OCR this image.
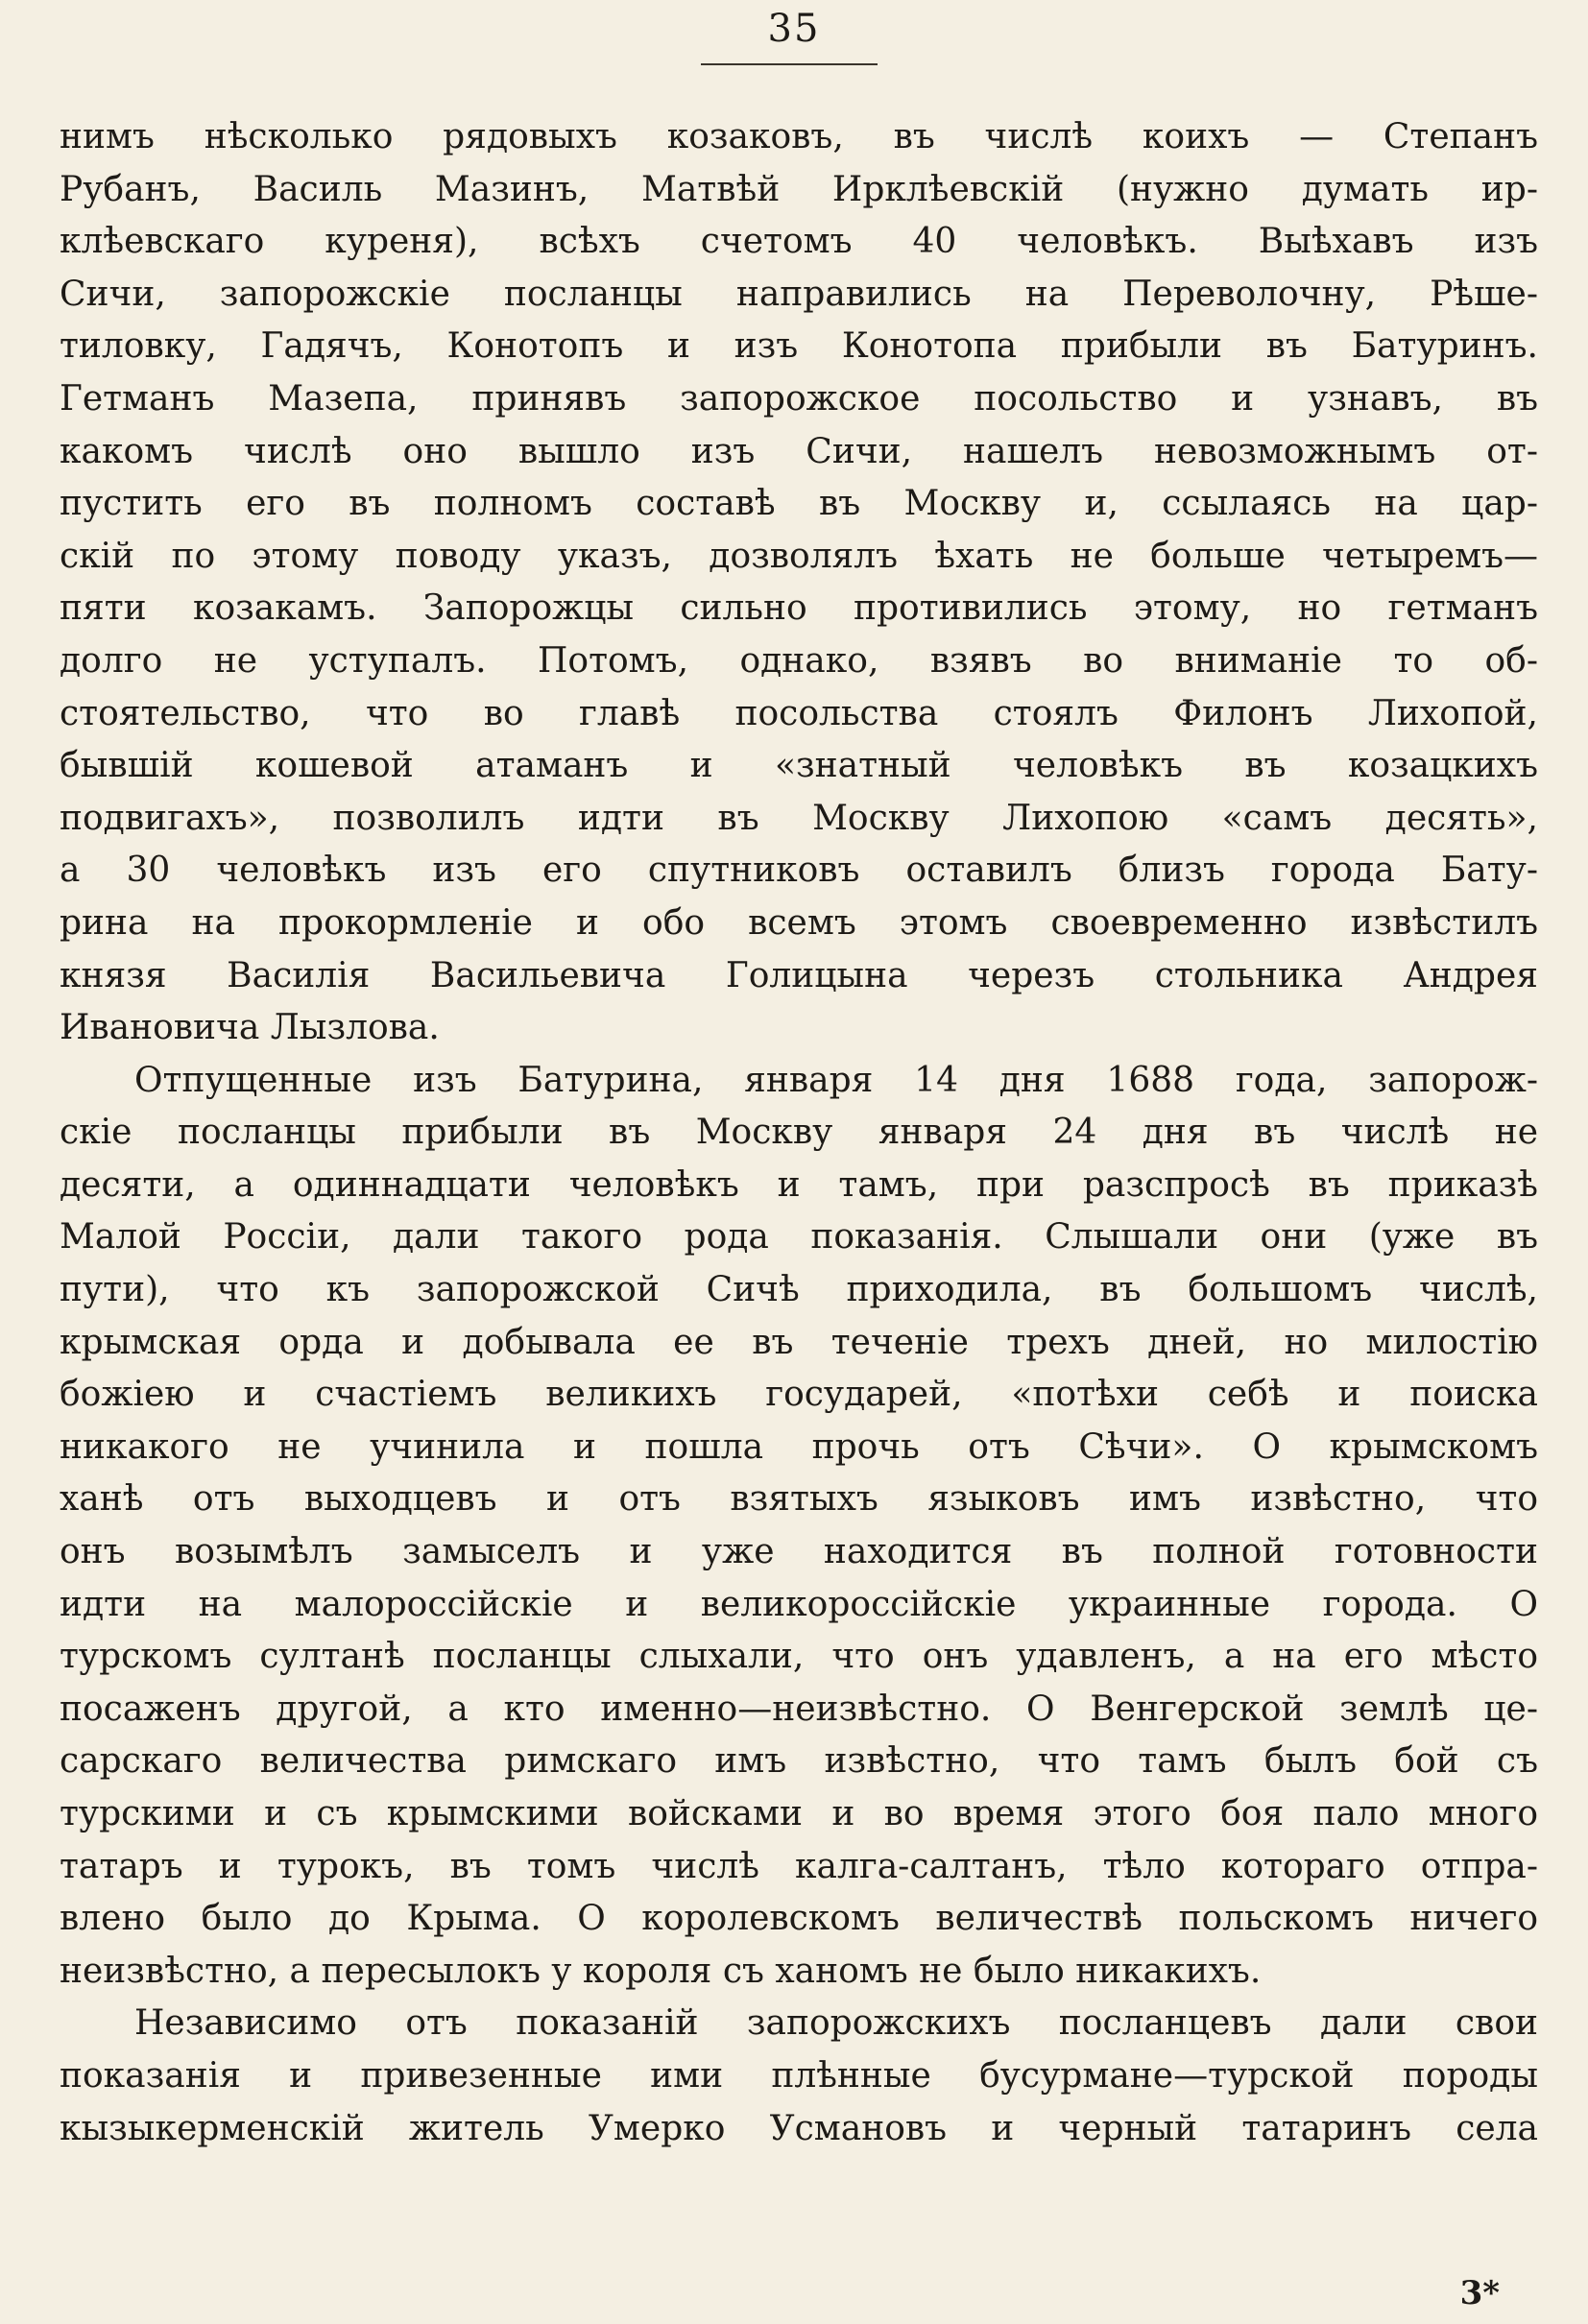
35
нимъ нѣсколько рядовыхъ козаковъ, въ числѣ коихъ — Степанъ
Рубанъ, Василь Мазинъ, Матвѣй Ирклѣевскій (нужно думать ир-
клѣевскаго куреня), всѣхъ счетомъ 40 человѣкъ. Выѣхавъ изъ
Сичи, запорожскіе посланцы направились на Переволочну, Рѣше-
тиловку, Гадячъ, Конотопъ и изъ Конотопа прибыли въ Батуринъ.
Гетманъ Мазепа, принявъ запорожское посольство и узнавъ, въ
какомъ числѣ оно вышло изъ Сичи, нашелъ невозможнымъ от-
пустить его въ полномъ составѣ въ Москву и, ссылаясь на цар-
скій по этому поводу указъ, дозволялъ ѣхать не больше четыремъ—
пяти козакамъ. Запорожцы сильно противились этому, но гетманъ
долго не уступалъ. Потомъ, однако, взявъ во вниманіе то об-
стоятельство, что во главѣ посольства стоялъ Филонъ Лихопой,
бывшій кошевой атаманъ и «знатный человѣкъ въ козацкихъ
подвигахъ», позволилъ идти въ Москву Лихопою «самъ десять»,
а 30 человѣкъ изъ его спутниковъ оставилъ близъ города Бату-
рина на прокормленіе и обо всемъ этомъ своевременно извѣстилъ
князя Василія Васильевича Голицына черезъ стольника Андрея
Ивановича Лызлова.
Отпущенные изъ Батурина, января 14 дня 1688 года, запорож-
скіе посланцы прибыли въ Москву января 24 дня въ числѣ не
десяти, а одиннадцати человѣкъ и тамъ, при разспросѣ въ приказѣ
Малой Россіи, дали такого рода показанія. Слышали они (уже въ
пути), что къ запорожской Сичѣ приходила, въ большомъ числѣ,
крымская орда и добывала ее въ теченіе трехъ дней, но милостію
божіею и счастіемъ великихъ государей, «потѣхи себѣ и поиска
никакого не учинила и пошла прочь отъ Сѣчи». О крымскомъ
ханѣ отъ выходцевъ и отъ взятыхъ языковъ имъ извѣстно, что
онъ возымѣлъ замыселъ и уже находится въ полной готовности
идти на малороссійскіе и великороссійскіе украинные города. О
турскомъ султанѣ посланцы слыхали, что онъ удавленъ, а на его мѣсто
посаженъ другой, а кто именно—неизвѣстно. О Венгерской землѣ це-
сарскаго величества римскаго имъ извѣстно, что тамъ былъ бой съ
турскими и съ крымскими войсками и во время этого боя пало много
татаръ и турокъ, въ томъ числѣ калга-салтанъ, тѣло котораго отпра-
влено было до Крыма. О королевскомъ величествѣ польскомъ ничего
неизвѣстно, а пересылокъ у короля съ ханомъ не было никакихъ.
Независимо отъ показаній запорожскихъ посланцевъ дали свои
показанія и привезенные ими плѣнные бусурмане—турской породы
кызыкерменскій житель Умерко Усмановъ и черный татаринъ села
3*
